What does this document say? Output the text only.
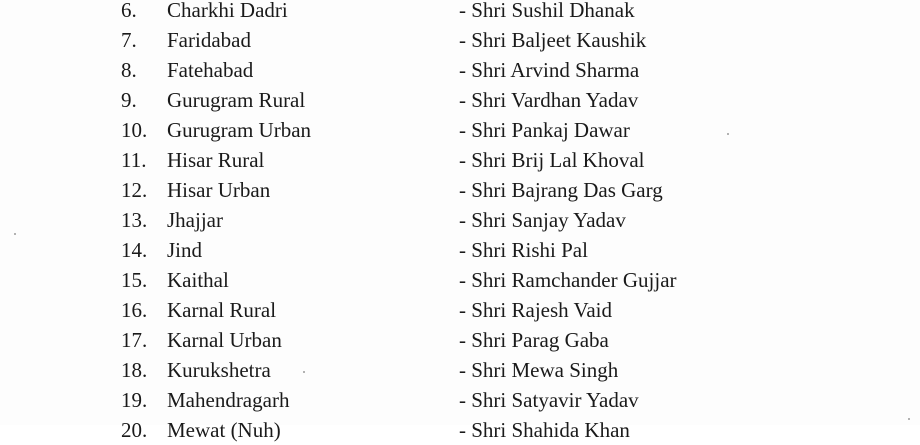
6. Charkhi Dadri	- Shri Sushil Dhanak
7. Faridabad	- Shri Baljeet Kaushik
8. Fatehabad	- Shri Arvind Sharma
9. Gurugram Rural	- Shri Vardhan Yadav
10. Gurugram Urban	- Shri Pankaj Dawar
11. Hisar Rural	- Shri Brij Lal Khoval
12. Hisar Urban	- Shri Bajrang Das Garg
13. Jhajjar	- Shri Sanjay Yadav
14. Jind	- Shri Rishi Pal
15. Kaithal	- Shri Ramchander Gujjar
16. Karnal Rural	- Shri Rajesh Vaid
17. Karnal Urban	- Shri Parag Gaba
18. Kurukshetra	- Shri Mewa Singh
19. Mahendragarh	- Shri Satyavir Yadav
20. Mewat (Nuh)	- Shri Shahida Khan
